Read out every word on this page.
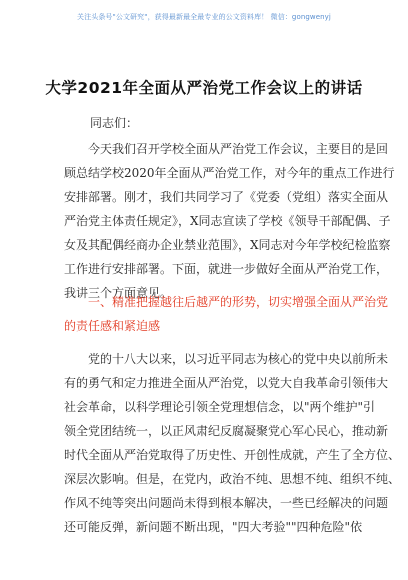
关注头条号"公文研究"，获得最新最全最专业的公文资料库！ 微信：gongwenyj
大学2021年全面从严治党工作会议上的讲话
同志们：
今天我们召开学校全面从严治党工作会议，主要目的是回
顾总结学校2020年全面从严治党工作，对今年的重点工作进行
安排部署。刚才，我们共同学习了《党委（党组）落实全面从
严治党主体责任规定》，X同志宣读了学校《领导干部配偶、子
女及其配偶经商办企业禁业范围》，X同志对今年学校纪检监察
工作进行安排部署。下面，就进一步做好全面从严治党工作，
我讲三个方面意见。
一、精准把握越往后越严的形势，切实增强全面从严治党
的责任感和紧迫感
党的十八大以来，以习近平同志为核心的党中央以前所未
有的勇气和定力推进全面从严治党，以党大自我革命引领伟大
社会革命，以科学理论引领全党理想信念，以"两个维护"引
领全党团结统一，以正风肃纪反腐凝聚党心军心民心，推动新
时代全面从严治党取得了历史性、开创性成就，产生了全方位、
深层次影响。但是，在党内，政治不纯、思想不纯、组织不纯、
作风不纯等突出问题尚未得到根本解决，一些已经解决的问题
还可能反弹，新问题不断出现，"四大考验""四种危险"依
